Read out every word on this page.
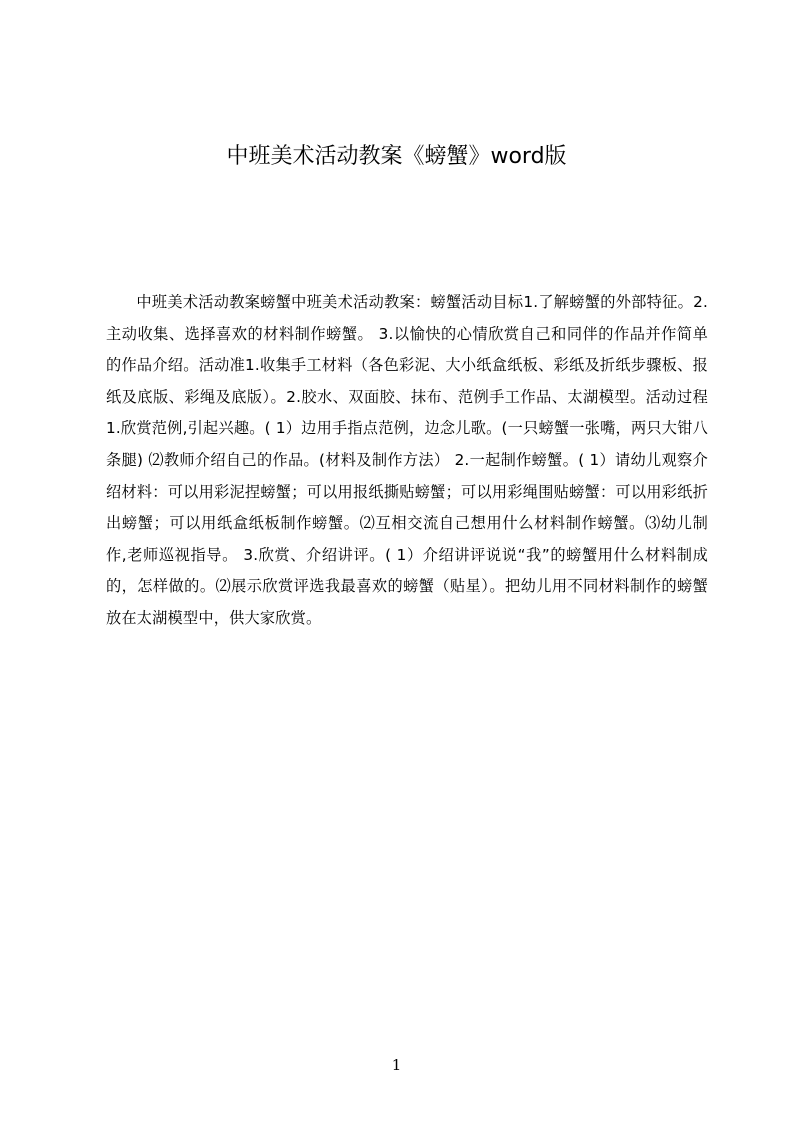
中班美术活动教案《螃蟹》word版

中班美术活动教案螃蟹中班美术活动教案：螃蟹活动目标1.了解螃蟹的外部特征。2.主动收集、选择喜欢的材料制作螃蟹。 3.以愉快的心情欣赏自己和同伴的作品并作简单的作品介绍。活动准1.收集手工材料（各色彩泥、大小纸盒纸板、彩纸及折纸步骤板、报纸及底版、彩绳及底版）。2.胶水、双面胶、抹布、范例手工作品、太湖模型。活动过程1.欣赏范例,引起兴趣。( 1）边用手指点范例，边念儿歌。(一只螃蟹一张嘴，两只大钳八条腿) ⑵教师介绍自己的作品。(材料及制作方法） 2.一起制作螃蟹。( 1）请幼儿观察介绍材料：可以用彩泥捏螃蟹；可以用报纸撕贴螃蟹；可以用彩绳围贴螃蟹：可以用彩纸折出螃蟹；可以用纸盒纸板制作螃蟹。⑵互相交流自己想用什么材料制作螃蟹。⑶幼儿制作,老师巡视指导。 3.欣赏、介绍讲评。( 1）介绍讲评说说“我”的螃蟹用什么材料制成的，怎样做的。⑵展示欣赏评选我最喜欢的螃蟹（贴星）。把幼儿用不同材料制作的螃蟹放在太湖模型中，供大家欣赏。

1
